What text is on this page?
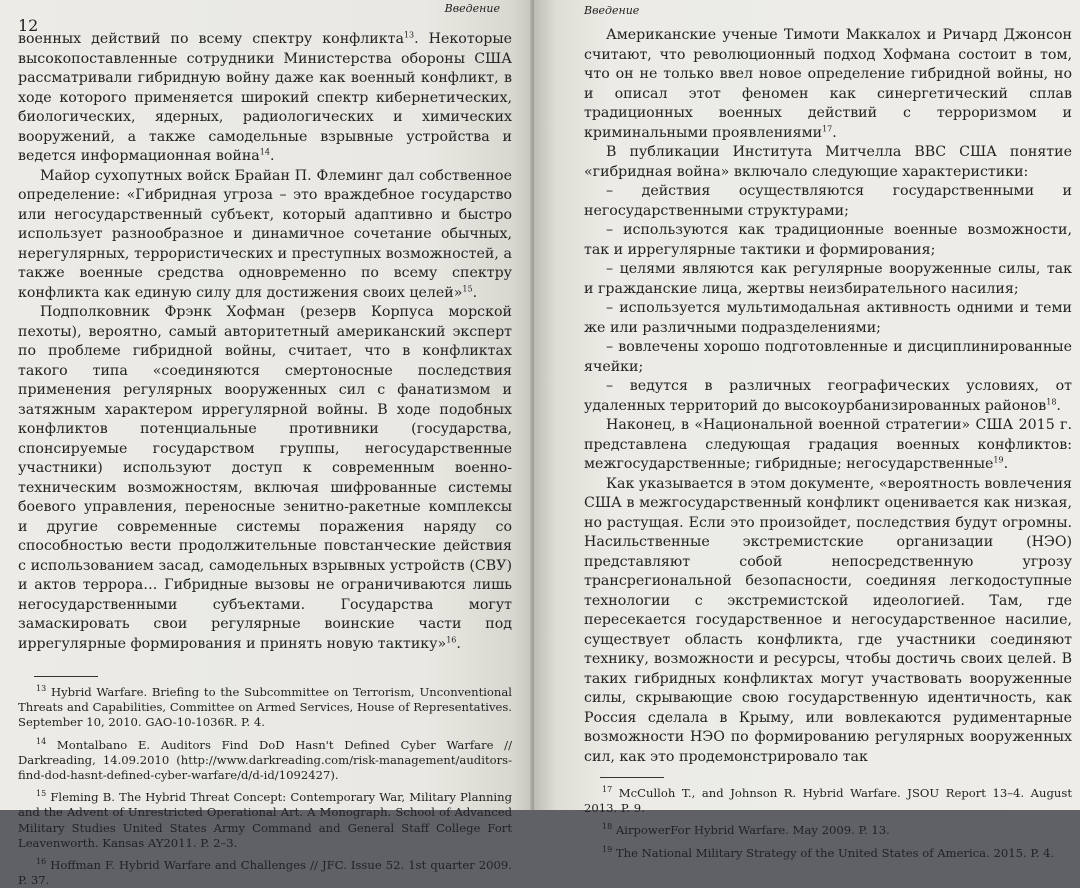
12
Введение

военных действий по всему спектру конфликта$^{13}$. Некоторые высокопоставленные сотрудники Министерства обороны США рассматривали гибридную войну даже как военный конфликт, в ходе которого применяется широкий спектр кибернетических, биологических, ядерных, радиологических и химических вооружений, а также самодельные взрывные устройства и ведется информационная война$^{14}$.

Майор сухопутных войск Брайан П. Флеминг дал собственное определение: «Гибридная угроза – это враждебное государство или негосударственный субъект, который адаптивно и быстро использует разнообразное и динамичное сочетание обычных, нерегулярных, террористических и преступных возможностей, а также военные средства одновременно по всему спектру конфликта как единую силу для достижения своих целей»$^{15}$.

Подполковник Фрэнк Хофман (резерв Корпуса морской пехоты), вероятно, самый авторитетный американский эксперт по проблеме гибридной войны, считает, что в конфликтах такого типа «соединяются смертоносные последствия применения регулярных вооруженных сил с фанатизмом и затяжным характером иррегулярной войны. В ходе подобных конфликтов потенциальные противники (государства, спонсируемые государством группы, негосударственные участники) используют доступ к современным военно-техническим возможностям, включая шифрованные системы боевого управления, переносные зенитно-ракетные комплексы и другие современные системы поражения наряду со способностью вести продолжительные повстанческие действия с использованием засад, самодельных взрывных устройств (СВУ) и актов террора… Гибридные вызовы не ограничиваются лишь негосударственными субъектами. Государства могут замаскировать свои регулярные воинские части под иррегулярные формирования и принять новую тактику»$^{16}$.

$^{13}$ Hybrid Warfare. Briefing to the Subcommittee on Terrorism, Unconventional Threats and Capabilities, Committee on Armed Services, House of Representatives. September 10, 2010. GAO-10-1036R. P. 4.

$^{14}$ Montalbano E. Auditors Find DoD Hasn't Defined Cyber Warfare // Darkreading, 14.09.2010 (http://www.darkreading.com/risk-management/auditors-find-dod-hasnt-defined-cyber-warfare/d/d-id/1092427).

$^{15}$ Fleming B. The Hybrid Threat Concept: Contemporary War, Military Planning and the Advent of Unrestricted Operational Art. A Monograph. School of Advanced Military Studies United States Army Command and General Staff College Fort Leavenworth. Kansas AY2011. P. 2–3.

$^{16}$ Hoffman F. Hybrid Warfare and Challenges // JFC. Issue 52. 1st quarter 2009. P. 37.

Введение

Американские ученые Тимоти Маккалох и Ричард Джонсон считают, что революционный подход Хофмана состоит в том, что он не только ввел новое определение гибридной войны, но и описал этот феномен как синергетический сплав традиционных военных действий с терроризмом и криминальными проявлениями$^{17}$.

В публикации Института Митчелла ВВС США понятие «гибридная война» включало следующие характеристики:

– действия осуществляются государственными и негосударственными структурами;

– используются как традиционные военные возможности, так и иррегулярные тактики и формирования;

– целями являются как регулярные вооруженные силы, так и гражданские лица, жертвы неизбирательного насилия;

– используется мультимодальная активность одними и теми же или различными подразделениями;

– вовлечены хорошо подготовленные и дисциплинированные ячейки;

– ведутся в различных географических условиях, от удаленных территорий до высокоурбанизированных районов$^{18}$.

Наконец, в «Национальной военной стратегии» США 2015 г. представлена следующая градация военных конфликтов: межгосударственные; гибридные; негосударственные$^{19}$.

Как указывается в этом документе, «вероятность вовлечения США в межгосударственный конфликт оценивается как низкая, но растущая. Если это произойдет, последствия будут огромны. Насильственные экстремистские организации (НЭО) представляют собой непосредственную угрозу трансрегиональной безопасности, соединяя легкодоступные технологии с экстремистской идеологией. Там, где пересекается государственное и негосударственное насилие, существует область конфликта, где участники соединяют технику, возможности и ресурсы, чтобы достичь своих целей. В таких гибридных конфликтах могут участвовать вооруженные силы, скрывающие свою государственную идентичность, как Россия сделала в Крыму, или вовлекаются рудиментарные возможности НЭО по формированию регулярных вооруженных сил, как это продемонстрировало так

$^{17}$ McCulloh T., and Johnson R. Hybrid Warfare. JSOU Report 13–4. August 2013. P. 9.

$^{18}$ AirpowerFor Hybrid Warfare. May 2009. P. 13.

$^{19}$ The National Military Strategy of the United States of America. 2015. P. 4.
